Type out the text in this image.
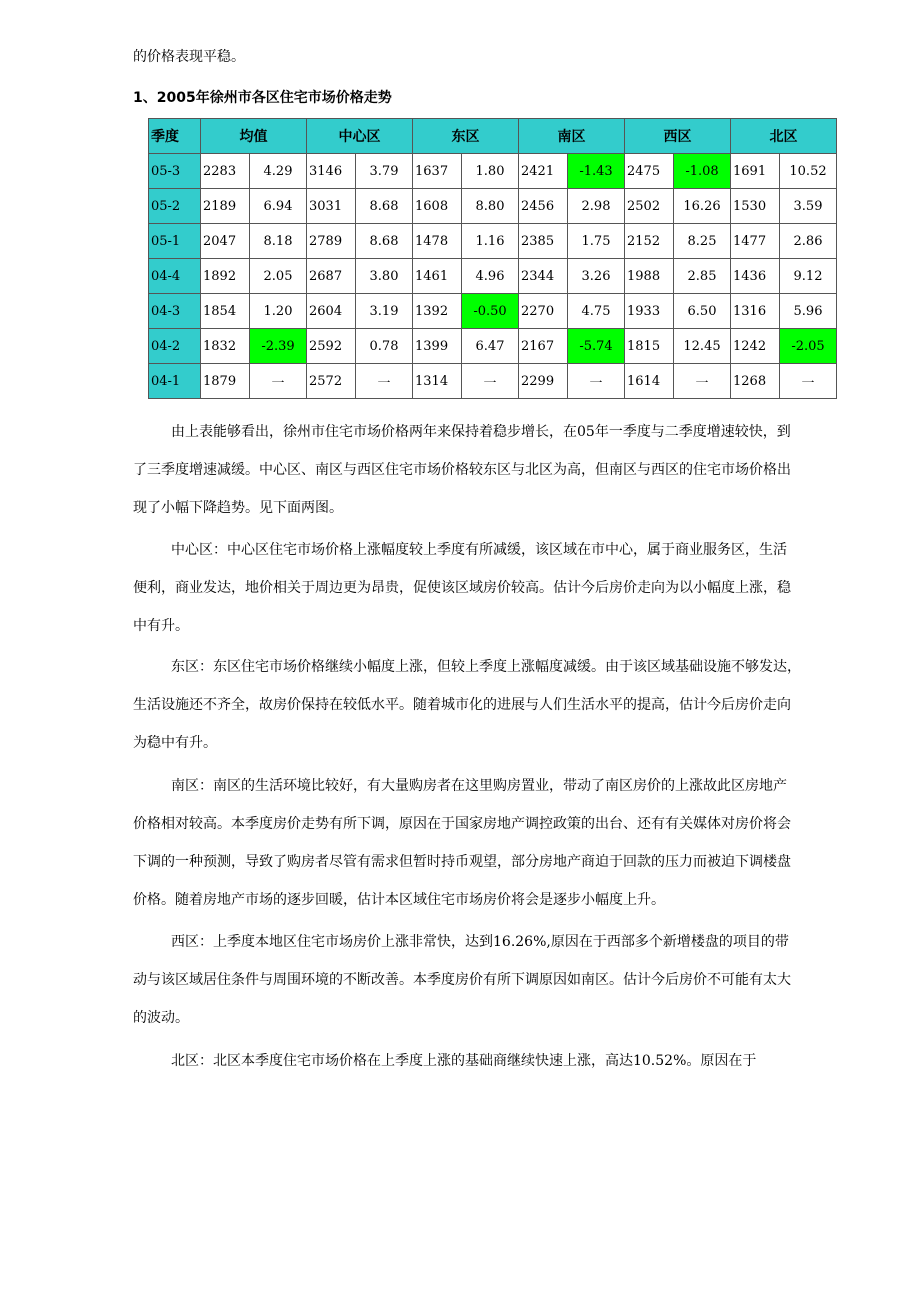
的价格表现平稳。
1、2005年徐州市各区住宅市场价格走势
季度	均值		中心区		东区		南区		西区		北区	
05-3	2283	4.29	3146	3.79	1637	1.80	2421	-1.43	2475	-1.08	1691	10.52
05-2	2189	6.94	3031	8.68	1608	8.80	2456	2.98	2502	16.26	1530	3.59
05-1	2047	8.18	2789	8.68	1478	1.16	2385	1.75	2152	8.25	1477	2.86
04-4	1892	2.05	2687	3.80	1461	4.96	2344	3.26	1988	2.85	1436	9.12
04-3	1854	1.20	2604	3.19	1392	-0.50	2270	4.75	1933	6.50	1316	5.96
04-2	1832	-2.39	2592	0.78	1399	6.47	2167	-5.74	1815	12.45	1242	-2.05
04-1	1879	一	2572	一	1314	一	2299	一	1614	一	1268	一
由上表能够看出，徐州市住宅市场价格两年来保持着稳步增长，在05年一季度与二季度增速较快，到
了三季度增速减缓。中心区、南区与西区住宅市场价格较东区与北区为高，但南区与西区的住宅市场价格出
现了小幅下降趋势。见下面两图。
中心区：中心区住宅市场价格上涨幅度较上季度有所减缓，该区域在市中心，属于商业服务区，生活
便利，商业发达，地价相关于周边更为昂贵，促使该区域房价较高。估计今后房价走向为以小幅度上涨，稳
中有升。
东区：东区住宅市场价格继续小幅度上涨，但较上季度上涨幅度减缓。由于该区域基础设施不够发达，
生活设施还不齐全，故房价保持在较低水平。随着城市化的进展与人们生活水平的提高，估计今后房价走向
为稳中有升。
南区：南区的生活环境比较好，有大量购房者在这里购房置业，带动了南区房价的上涨故此区房地产
价格相对较高。本季度房价走势有所下调，原因在于国家房地产调控政策的出台、还有有关媒体对房价将会
下调的一种预测，导致了购房者尽管有需求但暂时持币观望，部分房地产商迫于回款的压力而被迫下调楼盘
价格。随着房地产市场的逐步回暖，估计本区域住宅市场房价将会是逐步小幅度上升。
西区：上季度本地区住宅市场房价上涨非常快，达到16.26%,原因在于西部多个新增楼盘的项目的带
动与该区域居住条件与周围环境的不断改善。本季度房价有所下调原因如南区。估计今后房价不可能有太大
的波动。
北区：北区本季度住宅市场价格在上季度上涨的基础商继续快速上涨，高达10.52%。原因在于
